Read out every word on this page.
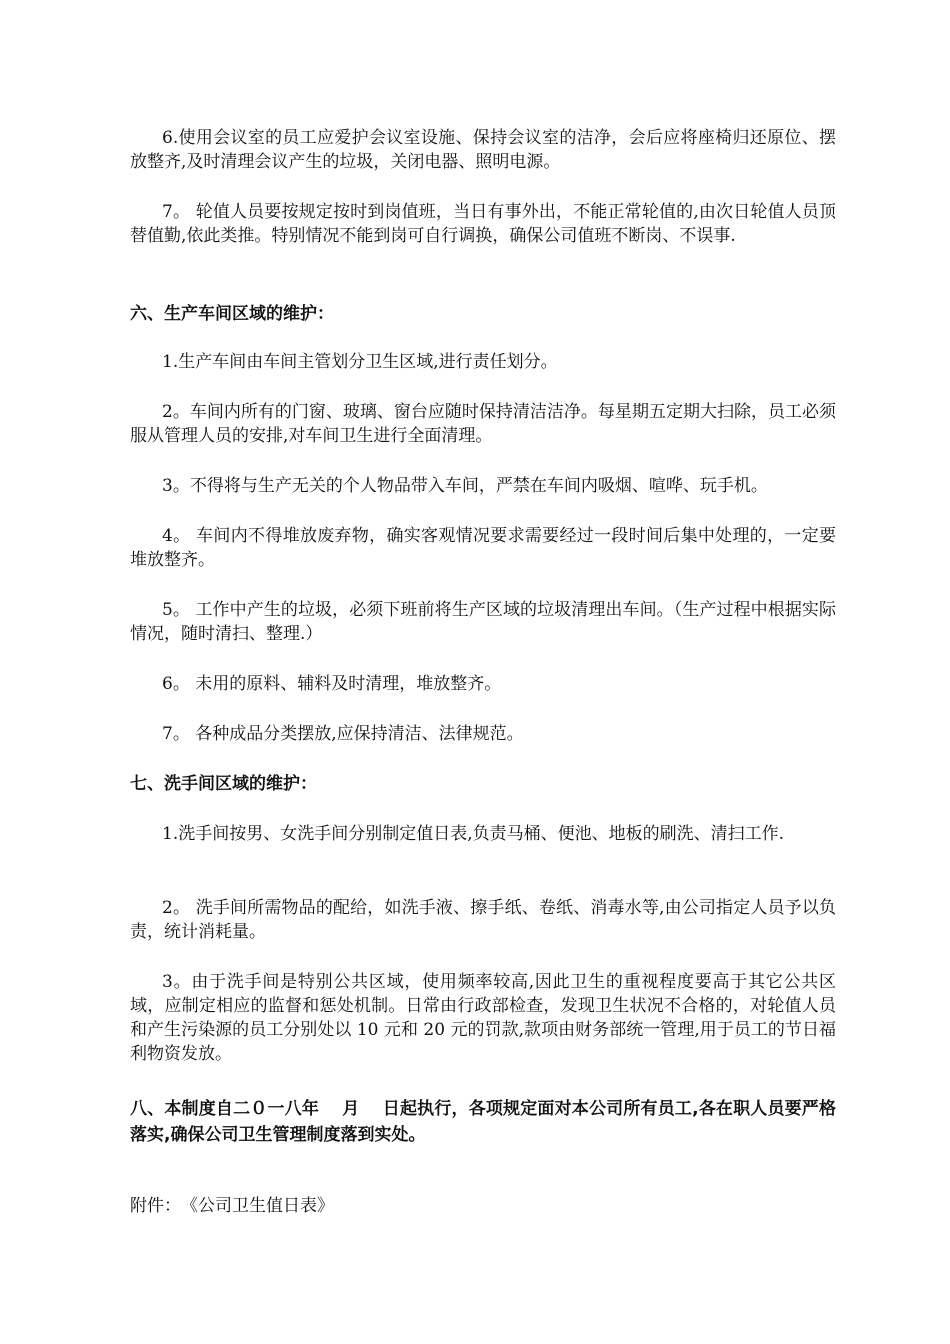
6.使用会议室的员工应爱护会议室设施、保持会议室的洁净，会后应将座椅归还原位、摆放整齐,及时清理会议产生的垃圾，关闭电器、照明电源。

7。 轮值人员要按规定按时到岗值班，当日有事外出，不能正常轮值的,由次日轮值人员顶替值勤,依此类推。特别情况不能到岗可自行调换，确保公司值班不断岗、不误事.

六、生产车间区域的维护：

1.生产车间由车间主管划分卫生区域,进行责任划分。

2。车间内所有的门窗、玻璃、窗台应随时保持清洁洁净。每星期五定期大扫除，员工必须服从管理人员的安排,对车间卫生进行全面清理。

3。不得将与生产无关的个人物品带入车间，严禁在车间内吸烟、喧哗、玩手机。

4。 车间内不得堆放废弃物，确实客观情况要求需要经过一段时间后集中处理的，一定要堆放整齐。

5。 工作中产生的垃圾，必须下班前将生产区域的垃圾清理出车间。（生产过程中根据实际情况，随时清扫、整理.）

6。 未用的原料、辅料及时清理，堆放整齐。

7。 各种成品分类摆放,应保持清洁、法律规范。

七、洗手间区域的维护：

1.洗手间按男、女洗手间分别制定值日表,负责马桶、便池、地板的刷洗、清扫工作.

2。 洗手间所需物品的配给，如洗手液、擦手纸、卷纸、消毒水等,由公司指定人员予以负责，统计消耗量。

3。由于洗手间是特别公共区域，使用频率较高,因此卫生的重视程度要高于其它公共区域，应制定相应的监督和惩处机制。日常由行政部检查，发现卫生状况不合格的，对轮值人员和产生污染源的员工分别处以 10 元和 20 元的罚款,款项由财务部统一管理,用于员工的节日福利物资发放。

八、本制度自二０一八年　 月　 日起执行，各项规定面对本公司所有员工,各在职人员要严格落实,确保公司卫生管理制度落到实处。

附件：　《公司卫生值日表》
